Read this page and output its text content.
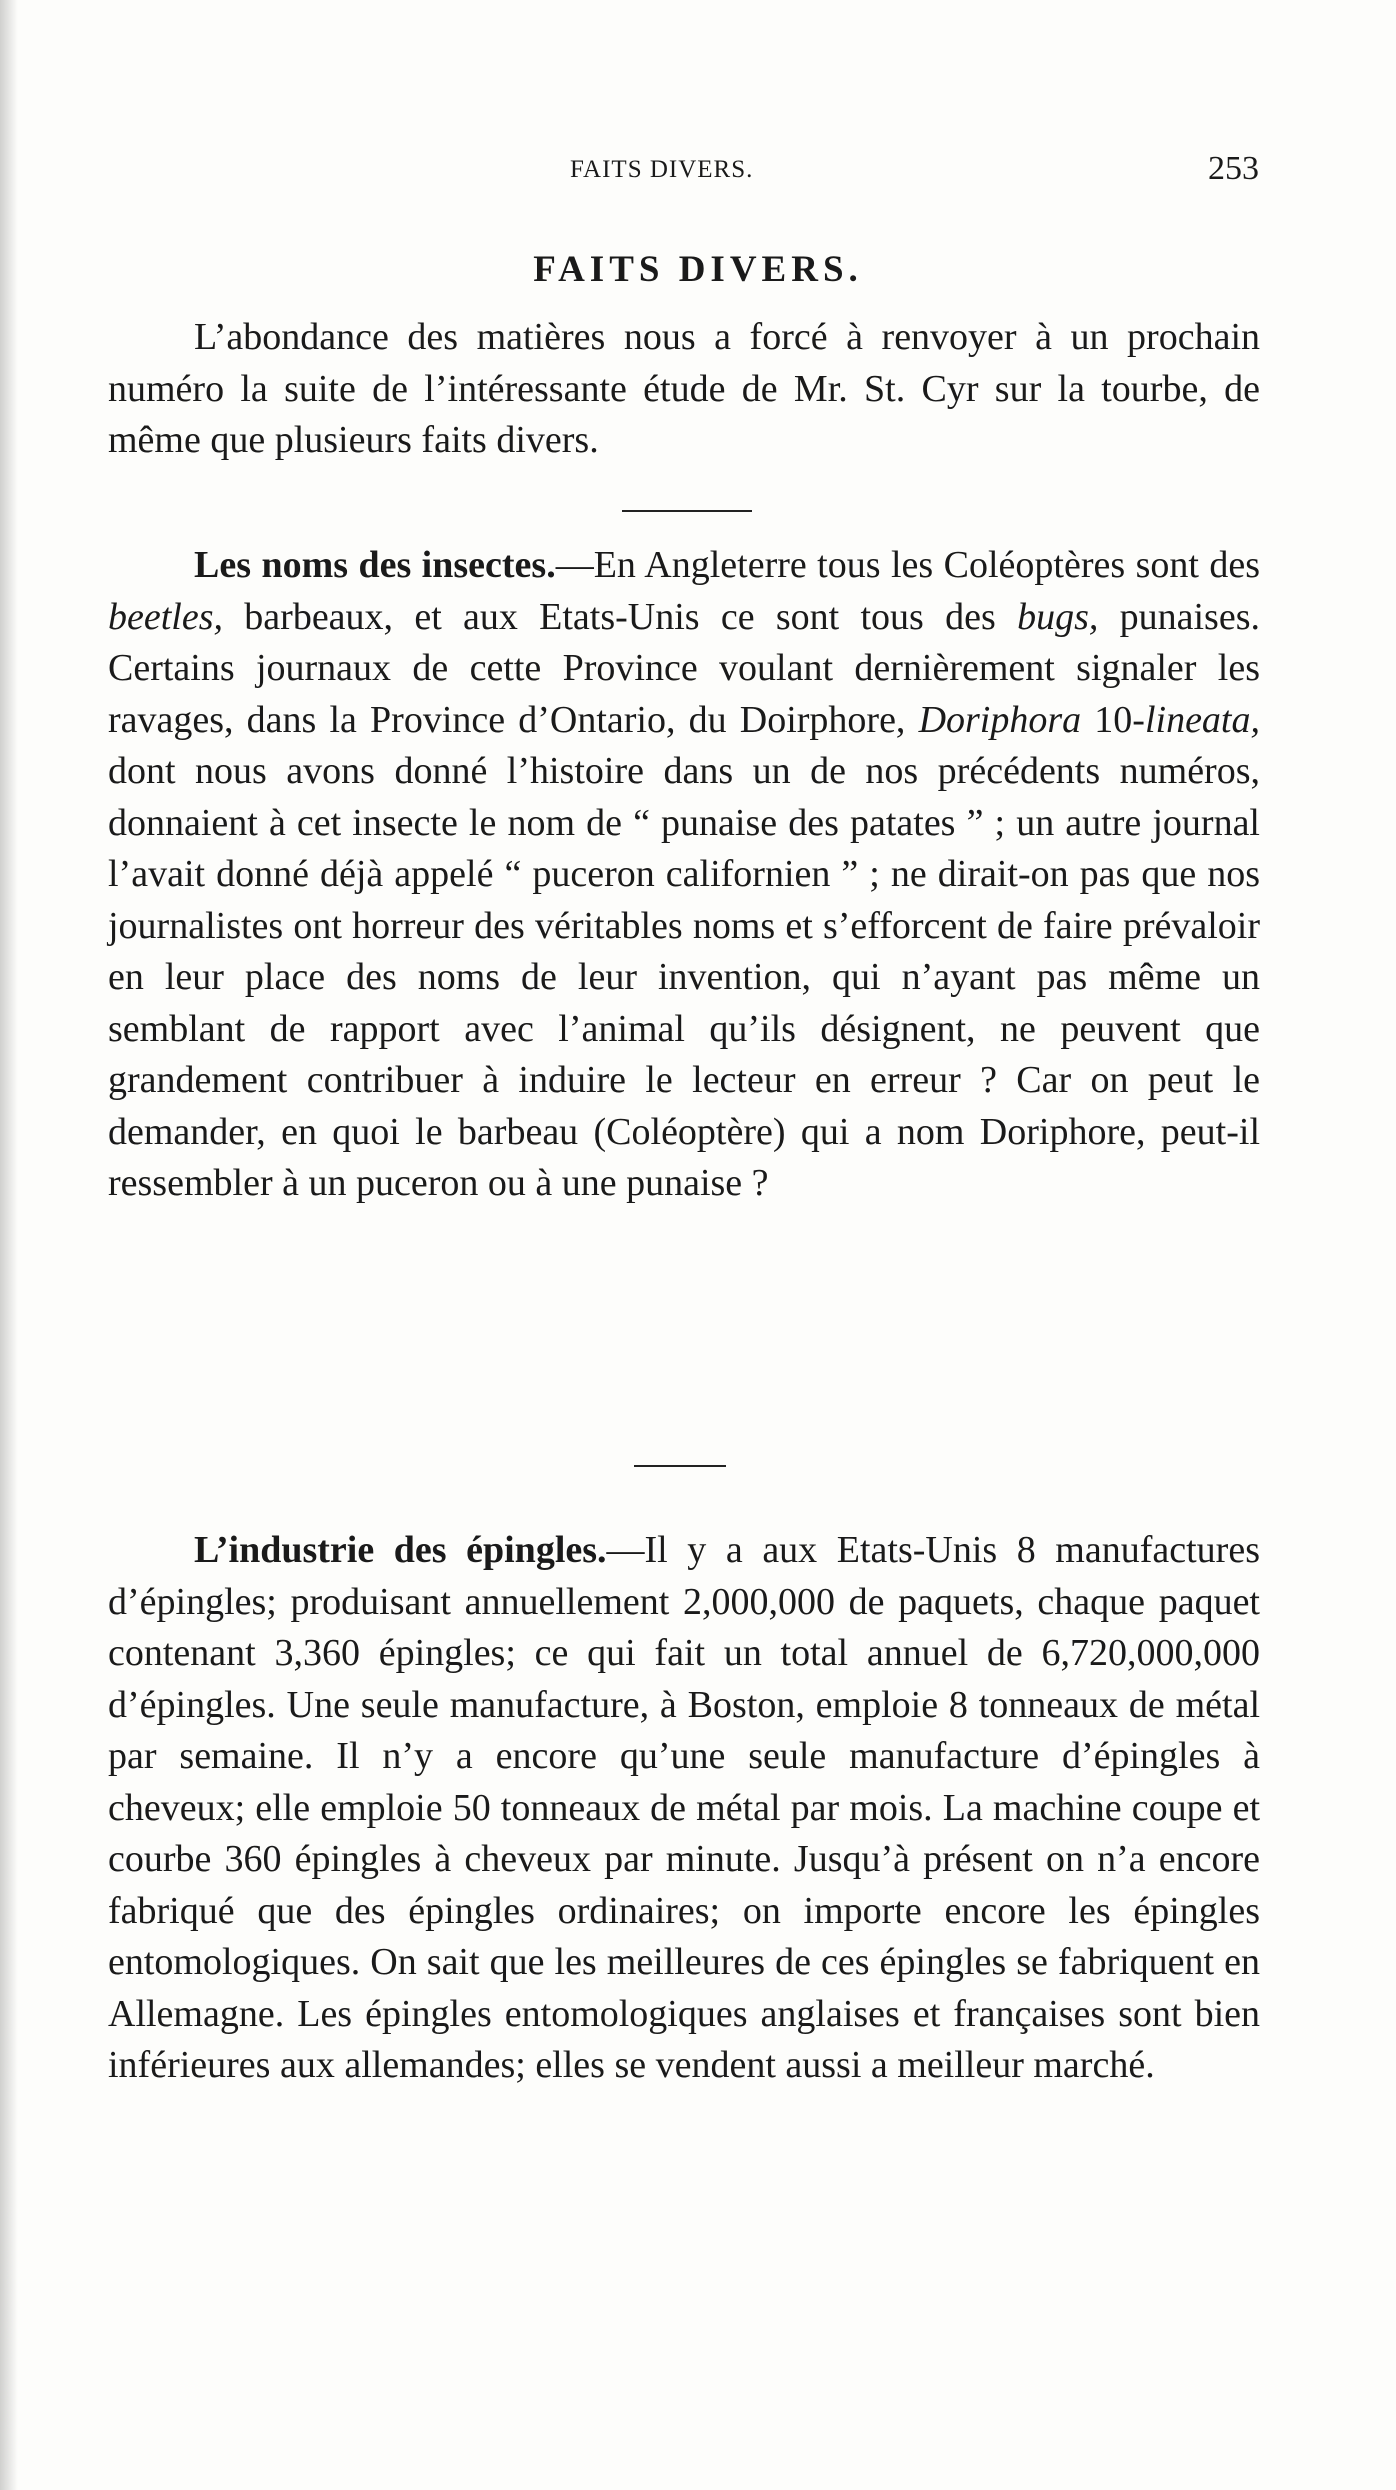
FAITS DIVERS.	253
FAITS DIVERS.

L’abondance des matières nous a forcé à renvoyer à un prochain numéro la suite de l’intéressante étude de Mr. St. Cyr sur la tourbe, de même que plusieurs faits divers.

Les noms des insectes.—En Angleterre tous les Coléoptères sont des beetles, barbeaux, et aux Etats-Unis ce sont tous des bugs, punaises. Certains journaux de cette Province voulant dernièrement signaler les ravages, dans la Province d’Ontario, du Doirphore, Doriphora 10-lineata, dont nous avons donné l’histoire dans un de nos précédents numéros, donnaient à cet insecte le nom de “ punaise des patates ” ; un autre journal l’avait donné déjà appelé “ puceron californien ” ; ne dirait-on pas que nos journalistes ont horreur des véritables noms et s’efforcent de faire prévaloir en leur place des noms de leur invention, qui n’ayant pas même un semblant de rapport avec l’animal qu’ils désignent, ne peuvent que grandement contribuer à induire le lecteur en erreur ? Car on peut le demander, en quoi le barbeau (Coléoptère) qui a nom Doriphore, peut-il ressembler à un puceron ou à une punaise ?

L’industrie des épingles.—Il y a aux Etats-Unis 8 manufactures d’épingles; produisant annuellement 2,000,000 de paquets, chaque paquet contenant 3,360 épingles; ce qui fait un total annuel de 6,720,000,000 d’épingles. Une seule manufacture, à Boston, emploie 8 tonneaux de métal par semaine. Il n’y a encore qu’une seule manufacture d’épingles à cheveux; elle emploie 50 tonneaux de métal par mois. La machine coupe et courbe 360 épingles à cheveux par minute. Jusqu’à présent on n’a encore fabriqué que des épingles ordinaires; on importe encore les épingles entomologiques. On sait que les meilleures de ces épingles se fabriquent en Allemagne. Les épingles entomologiques anglaises et françaises sont bien inférieures aux allemandes; elles se vendent aussi a meilleur marché.
